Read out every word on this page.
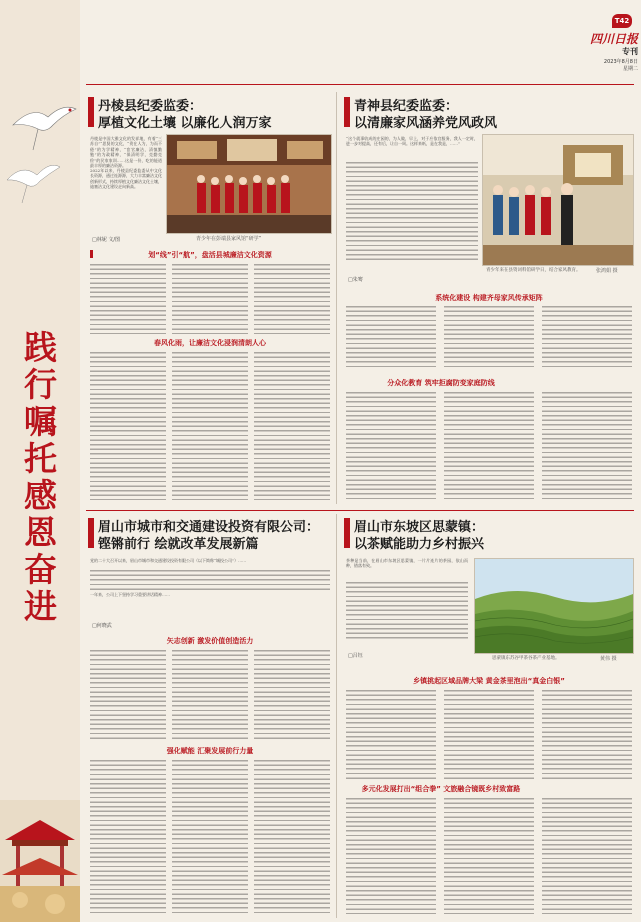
践行嘱托感恩奋进
T42
四川日报
专刊
2023年8月8日
星期二
丹棱县纪委监委：
厚植文化土壤 以廉化人润万家
丹棱是中国大雅文化的发祥地，有着“三苏自”“思贤的文化，“贵在人为，为而不倦”的为学精神，“宦官廉洁，清慎勤勉”的为政精神，“保清明学，克勤克俭”的民家家训……这是一份，吃的能道最丰厚的廉洁资源。
2022年以来，丹棱县纪委监委从中文化长资源，通过连源源，大力丰富廉洁文化创新形式，持续厚植文化廉洁文化土壤，迪塞洁文化建设走向新高。
□林妮 文/图	青少年在彭端县家风馆“研学”
划“线”引“航”，盘活县城廉洁文化资源
春风化雨，让廉洁文化浸润清朗人心
青神县纪委监委：
以清廉家风涵养党风政风
“这个就事收成的庄园的，为人做，早上，对于应依官服务，我人一定时，进一步对提高，还有后，让自一周。这样来纸，是在我是，……”
青少年来在县资词料馆研学日，结合家风教育。	张鸿娟 摄
□朱骞
系统化建设 构建齐母家风传承矩阵
分众化教育 筑牢拒腐防变家庭防线
眉山市城市和交通建设投资有限公司：
铿锵前行 绘就改革发展新篇
党的二十大召开以来，眉山市城市和交通建设投资有限公司（以下简称“城投公司”）……
一年来，公司上下坚持学习重要讲话精神……
□何晓武
矢志创新 激发价值创造活力
强化赋能 汇聚发展前行力量
眉山市东坡区思蒙镇：
以茶赋能助力乡村振兴
茶种是当前，在眉山市东坡区思蒙镇，一片片连片的茶园，依山而种，错落有致。
□吕钰	思蒙镇东苏谷甲茶谷茶产业基地。	黄伟 摄
乡镇挑起区域品牌大梁 黄金茶里泡出“真金白银”
多元化发展打出“组合拳” 文旅融合镜既乡村致富路
